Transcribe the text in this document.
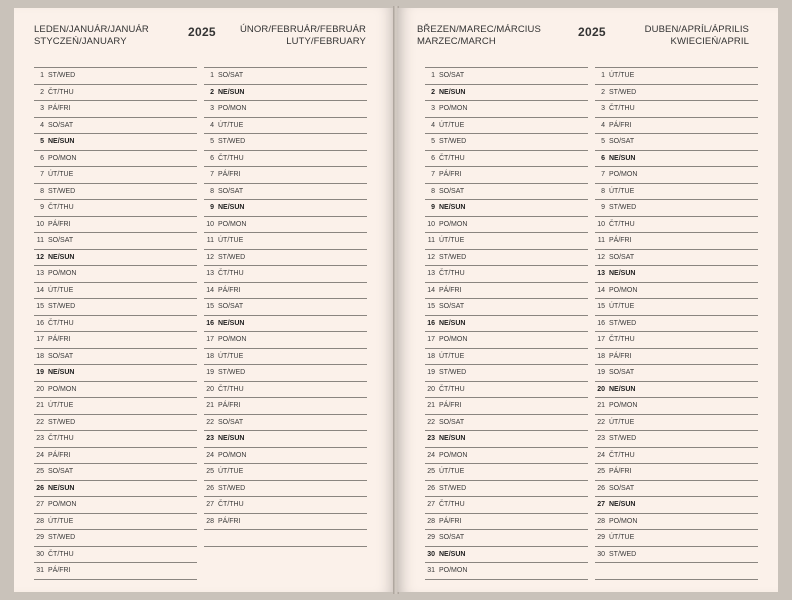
LEDEN/JANUÁR/JANUÁR
STYCZEŃ/JANUARY
2025	ÚNOR/FEBRUÁR/FEBRUÁR
LUTY/FEBRUARY
1 ST/WED
2 ČT/THU
3 PÁ/FRI
4 SO/SAT
5 NE/SUN
6 PO/MON
7 ÚT/TUE
8 ST/WED
9 ČT/THU
10 PÁ/FRI
11 SO/SAT
12 NE/SUN
13 PO/MON
14 ÚT/TUE
15 ST/WED
16 ČT/THU
17 PÁ/FRI
18 SO/SAT
19 NE/SUN
20 PO/MON
21 ÚT/TUE
22 ST/WED
23 ČT/THU
24 PÁ/FRI
25 SO/SAT
26 NE/SUN
27 PO/MON
28 ÚT/TUE
29 ST/WED
30 ČT/THU
31 PÁ/FRI
1 SO/SAT
2 NE/SUN
3 PO/MON
4 ÚT/TUE
5 ST/WED
6 ČT/THU
7 PÁ/FRI
8 SO/SAT
9 NE/SUN
10 PO/MON
11 ÚT/TUE
12 ST/WED
13 ČT/THU
14 PÁ/FRI
15 SO/SAT
16 NE/SUN
17 PO/MON
18 ÚT/TUE
19 ST/WED
20 ČT/THU
21 PÁ/FRI
22 SO/SAT
23 NE/SUN
24 PO/MON
25 ÚT/TUE
26 ST/WED
27 ČT/THU
28 PÁ/FRI
BŘEZEN/MAREC/MÁRCIUS
MARZEC/MARCH
2025	DUBEN/APRÍL/ÁPRILIS
KWIECIEŃ/APRIL
1 SO/SAT
2 NE/SUN
3 PO/MON
4 ÚT/TUE
5 ST/WED
6 ČT/THU
7 PÁ/FRI
8 SO/SAT
9 NE/SUN
10 PO/MON
11 ÚT/TUE
12 ST/WED
13 ČT/THU
14 PÁ/FRI
15 SO/SAT
16 NE/SUN
17 PO/MON
18 ÚT/TUE
19 ST/WED
20 ČT/THU
21 PÁ/FRI
22 SO/SAT
23 NE/SUN
24 PO/MON
25 ÚT/TUE
26 ST/WED
27 ČT/THU
28 PÁ/FRI
29 SO/SAT
30 NE/SUN
31 PO/MON
1 ÚT/TUE
2 ST/WED
3 ČT/THU
4 PÁ/FRI
5 SO/SAT
6 NE/SUN
7 PO/MON
8 ÚT/TUE
9 ST/WED
10 ČT/THU
11 PÁ/FRI
12 SO/SAT
13 NE/SUN
14 PO/MON
15 ÚT/TUE
16 ST/WED
17 ČT/THU
18 PÁ/FRI
19 SO/SAT
20 NE/SUN
21 PO/MON
22 ÚT/TUE
23 ST/WED
24 ČT/THU
25 PÁ/FRI
26 SO/SAT
27 NE/SUN
28 PO/MON
29 ÚT/TUE
30 ST/WED
